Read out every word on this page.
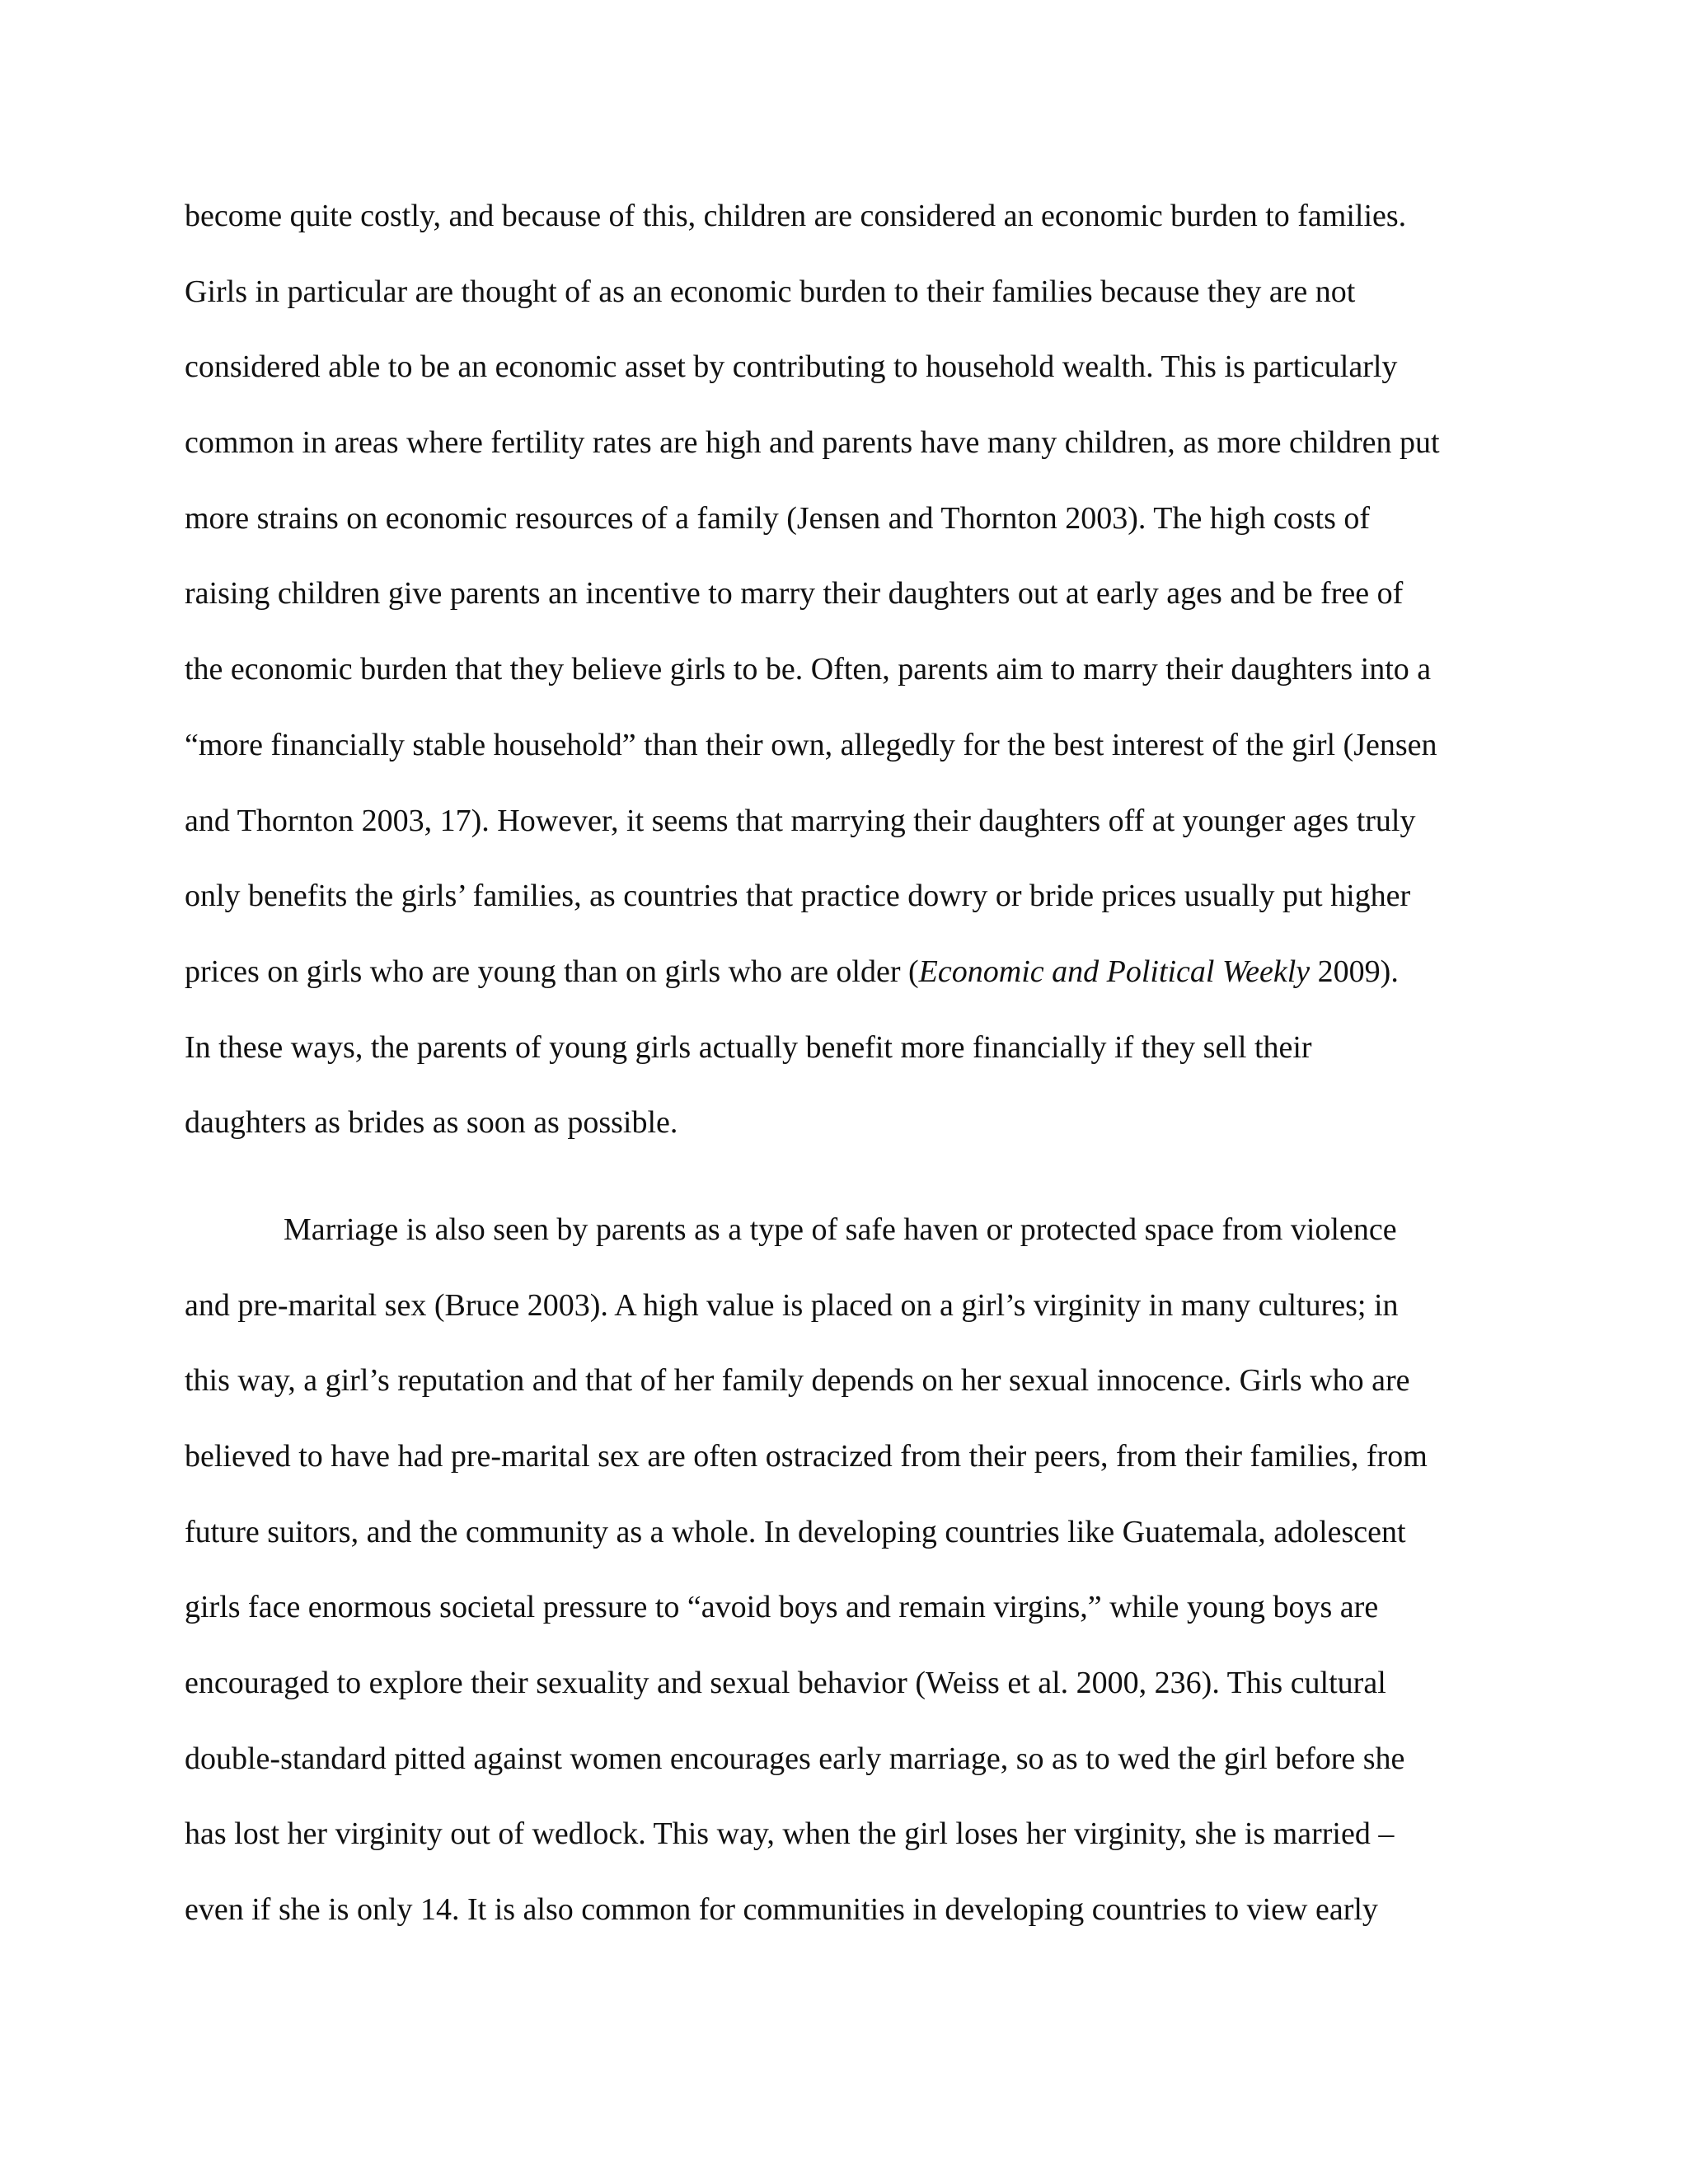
become quite costly, and because of this, children are considered an economic burden to families.
Girls in particular are thought of as an economic burden to their families because they are not
considered able to be an economic asset by contributing to household wealth. This is particularly
common in areas where fertility rates are high and parents have many children, as more children put
more strains on economic resources of a family (Jensen and Thornton 2003). The high costs of
raising children give parents an incentive to marry their daughters out at early ages and be free of
the economic burden that they believe girls to be. Often, parents aim to marry their daughters into a
“more financially stable household” than their own, allegedly for the best interest of the girl (Jensen
and Thornton 2003, 17). However, it seems that marrying their daughters off at younger ages truly
only benefits the girls’ families, as countries that practice dowry or bride prices usually put higher
prices on girls who are young than on girls who are older (Economic and Political Weekly 2009).
In these ways, the parents of young girls actually benefit more financially if they sell their
daughters as brides as soon as possible.
Marriage is also seen by parents as a type of safe haven or protected space from violence
and pre-marital sex (Bruce 2003). A high value is placed on a girl’s virginity in many cultures; in
this way, a girl’s reputation and that of her family depends on her sexual innocence. Girls who are
believed to have had pre-marital sex are often ostracized from their peers, from their families, from
future suitors, and the community as a whole. In developing countries like Guatemala, adolescent
girls face enormous societal pressure to “avoid boys and remain virgins,” while young boys are
encouraged to explore their sexuality and sexual behavior (Weiss et al. 2000, 236). This cultural
double-standard pitted against women encourages early marriage, so as to wed the girl before she
has lost her virginity out of wedlock. This way, when the girl loses her virginity, she is married –
even if she is only 14. It is also common for communities in developing countries to view early
